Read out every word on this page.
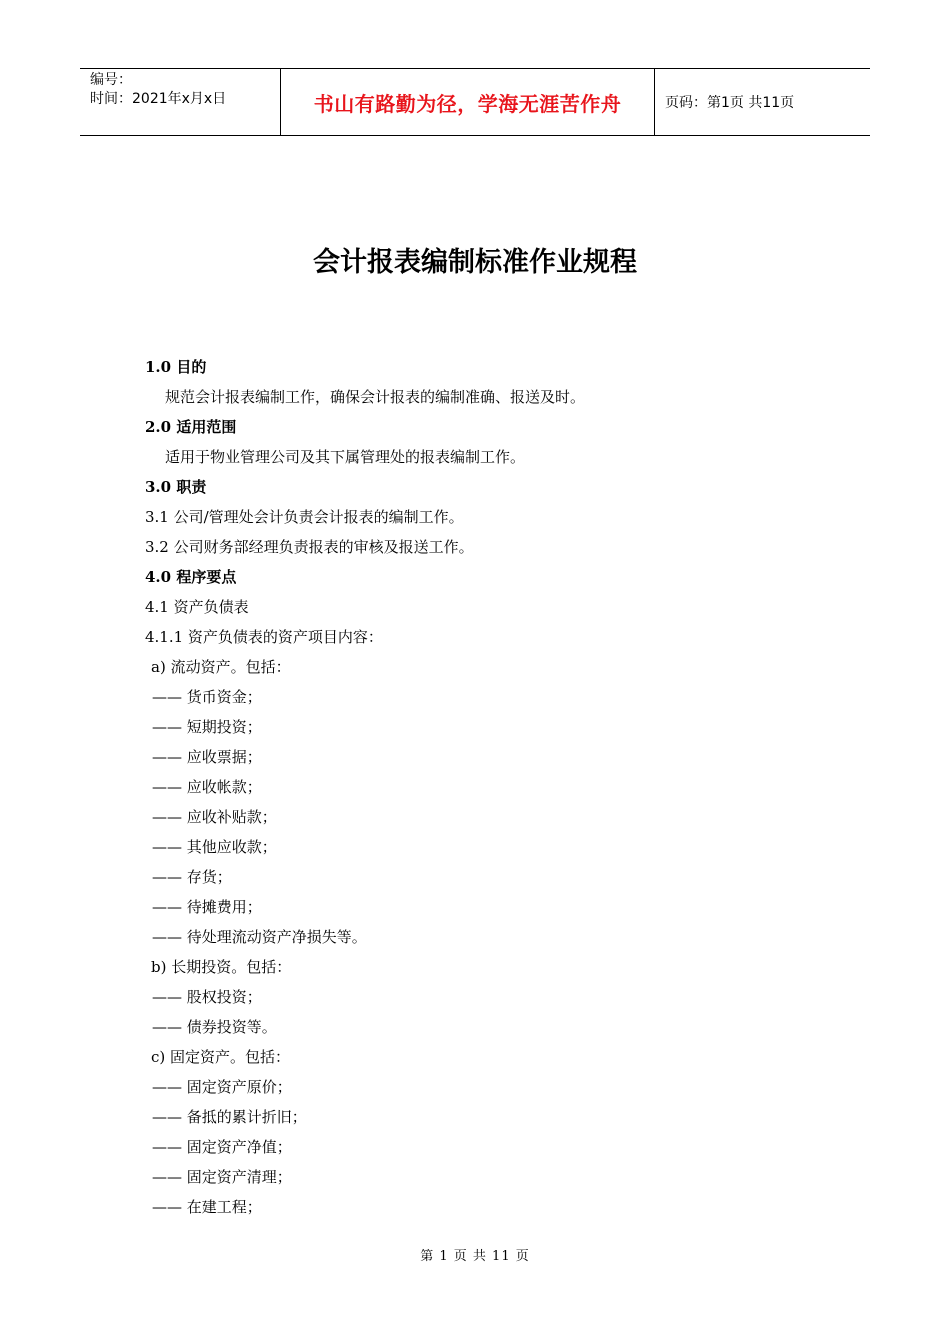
编号：
时间：2021年x月x日	书山有路勤为径，学海无涯苦作舟	页码：第1页 共11页
会计报表编制标准作业规程
1.0 目的
规范会计报表编制工作，确保会计报表的编制准确、报送及时。
2.0 适用范围
适用于物业管理公司及其下属管理处的报表编制工作。
3.0 职责
3.1 公司/管理处会计负责会计报表的编制工作。
3.2 公司财务部经理负责报表的审核及报送工作。
4.0 程序要点
4.1 资产负债表
4.1.1 资产负债表的资产项目内容：
a) 流动资产。包括：
—— 货币资金；
—— 短期投资；
—— 应收票据；
—— 应收帐款；
—— 应收补贴款；
—— 其他应收款；
—— 存货；
—— 待摊费用；
—— 待处理流动资产净损失等。
b) 长期投资。包括：
—— 股权投资；
—— 债券投资等。
c) 固定资产。包括：
—— 固定资产原价；
—— 备抵的累计折旧；
—— 固定资产净值；
—— 固定资产清理；
—— 在建工程；
第 1 页 共 11 页
